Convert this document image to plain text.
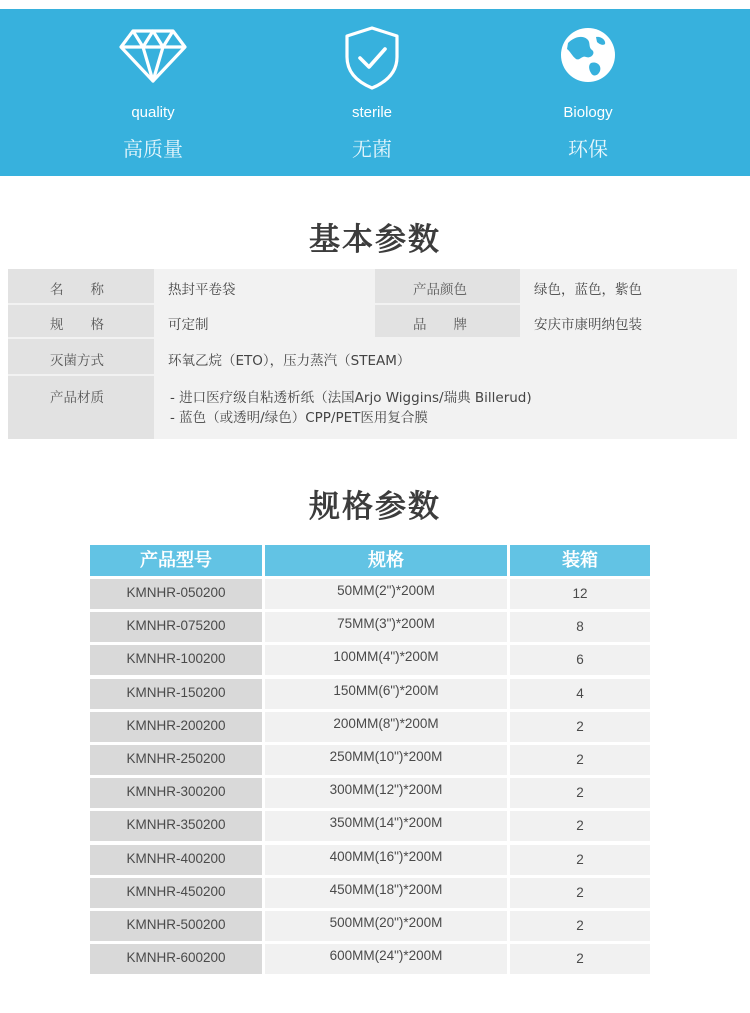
quality
高质量
sterile
无菌
Biology
环保
基本参数
名　　称	热封平卷袋	产品颜色	绿色，蓝色，紫色
规　　格	可定制	品　　牌	安庆市康明纳包装
灭菌方式	环氧乙烷（ETO），压力蒸汽（STEAM）
产品材质	- 进口医疗级自粘透析纸（法国Arjo Wiggins/瑞典 Billerud)
- 蓝色（或透明/绿色）CPP/PET医用复合膜
规格参数
产品型号	规格	装箱
KMNHR-050200	50MM(2")*200M	12
KMNHR-075200	75MM(3")*200M	8
KMNHR-100200	100MM(4")*200M	6
KMNHR-150200	150MM(6")*200M	4
KMNHR-200200	200MM(8")*200M	2
KMNHR-250200	250MM(10")*200M	2
KMNHR-300200	300MM(12")*200M	2
KMNHR-350200	350MM(14")*200M	2
KMNHR-400200	400MM(16")*200M	2
KMNHR-450200	450MM(18")*200M	2
KMNHR-500200	500MM(20")*200M	2
KMNHR-600200	600MM(24")*200M	2
